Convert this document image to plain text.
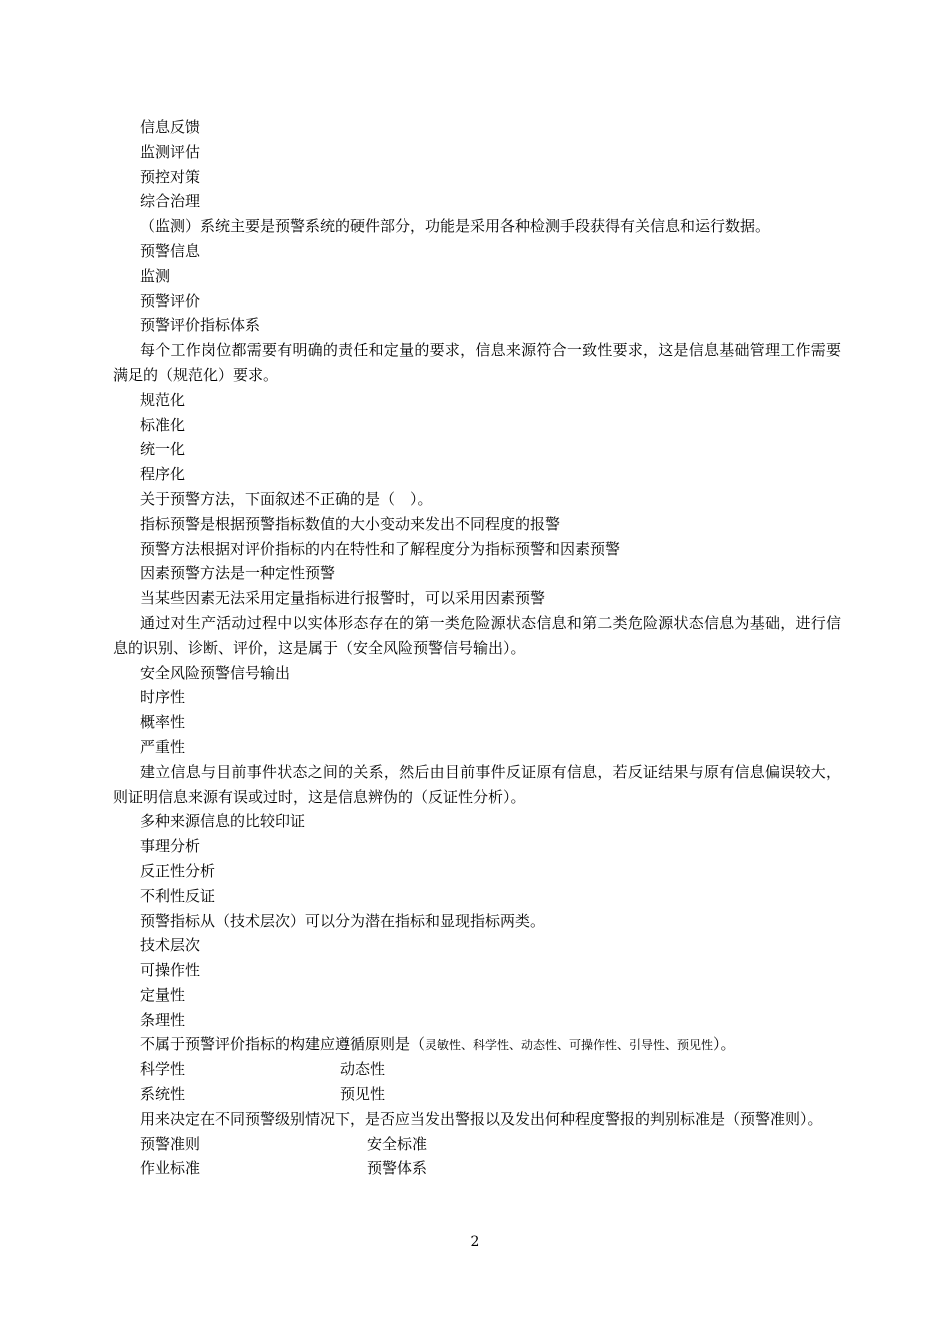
信息反馈
监测评估
预控对策
综合治理
（监测）系统主要是预警系统的硬件部分，功能是采用各种检测手段获得有关信息和运行数据。
预警信息
监测
预警评价
预警评价指标体系
每个工作岗位都需要有明确的责任和定量的要求，信息来源符合一致性要求，这是信息基础管理工作需要满足的（规范化）要求。
规范化
标准化
统一化
程序化
关于预警方法，下面叙述不正确的是（　）。
指标预警是根据预警指标数值的大小变动来发出不同程度的报警
预警方法根据对评价指标的内在特性和了解程度分为指标预警和因素预警
因素预警方法是一种定性预警
当某些因素无法采用定量指标进行报警时，可以采用因素预警
通过对生产活动过程中以实体形态存在的第一类危险源状态信息和第二类危险源状态信息为基础，进行信息的识别、诊断、评价，这是属于（安全风险预警信号输出）。
安全风险预警信号输出
时序性
概率性
严重性
建立信息与目前事件状态之间的关系，然后由目前事件反证原有信息，若反证结果与原有信息偏误较大，则证明信息来源有误或过时，这是信息辨伪的（反证性分析）。
多种来源信息的比较印证
事理分析
反正性分析
不利性反证
预警指标从（技术层次）可以分为潜在指标和显现指标两类。
技术层次
可操作性
定量性
条理性
不属于预警评价指标的构建应遵循原则是（灵敏性、科学性、动态性、可操作性、引导性、预见性）。
科学性	动态性
系统性	预见性
用来决定在不同预警级别情况下，是否应当发出警报以及发出何种程度警报的判别标准是（预警准则）。
预警准则	安全标准
作业标准	预警体系
2
